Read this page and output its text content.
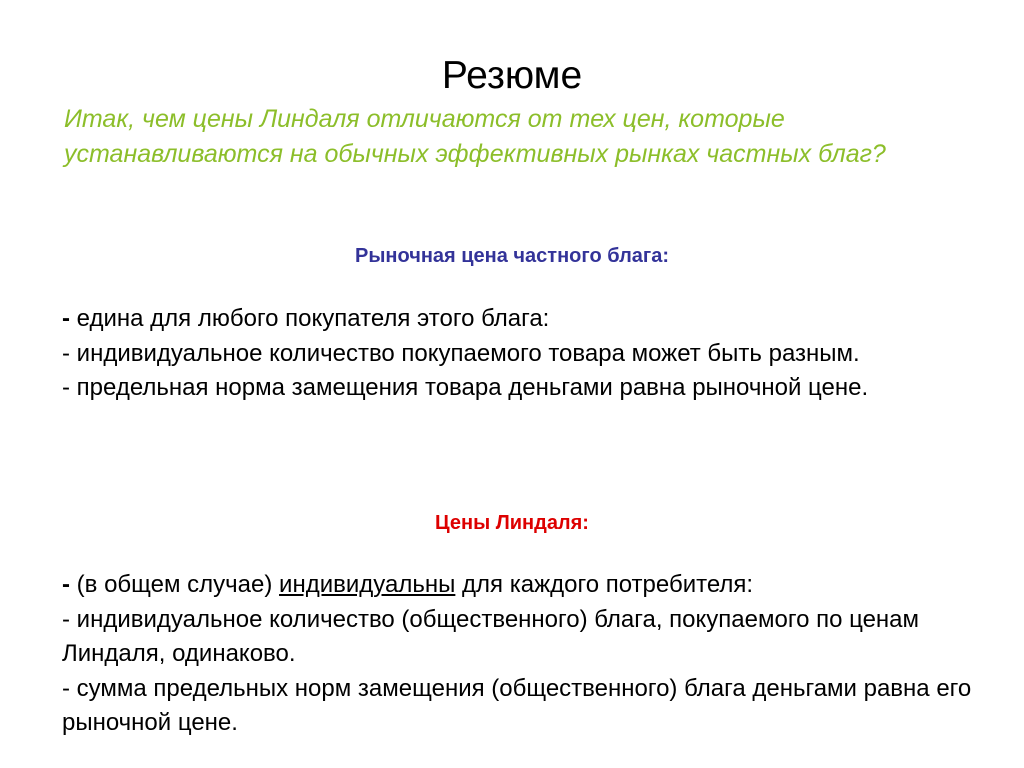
Резюме

Итак, чем цены Линдаля отличаются от тех цен, которые устанавливаются на обычных эффективных рынках частных благ?

Рыночная цена частного блага:
- едина для любого покупателя этого блага:
- индивидуальное количество покупаемого товара может быть разным.
- предельная норма замещения товара деньгами равна рыночной цене.
Цены Линдаля:
- (в общем случае) индивидуальны для каждого потребителя:
- индивидуальное количество (общественного) блага, покупаемого по ценам Линдаля, одинаково.
- сумма предельных норм замещения (общественного) блага деньгами равна его рыночной цене.
